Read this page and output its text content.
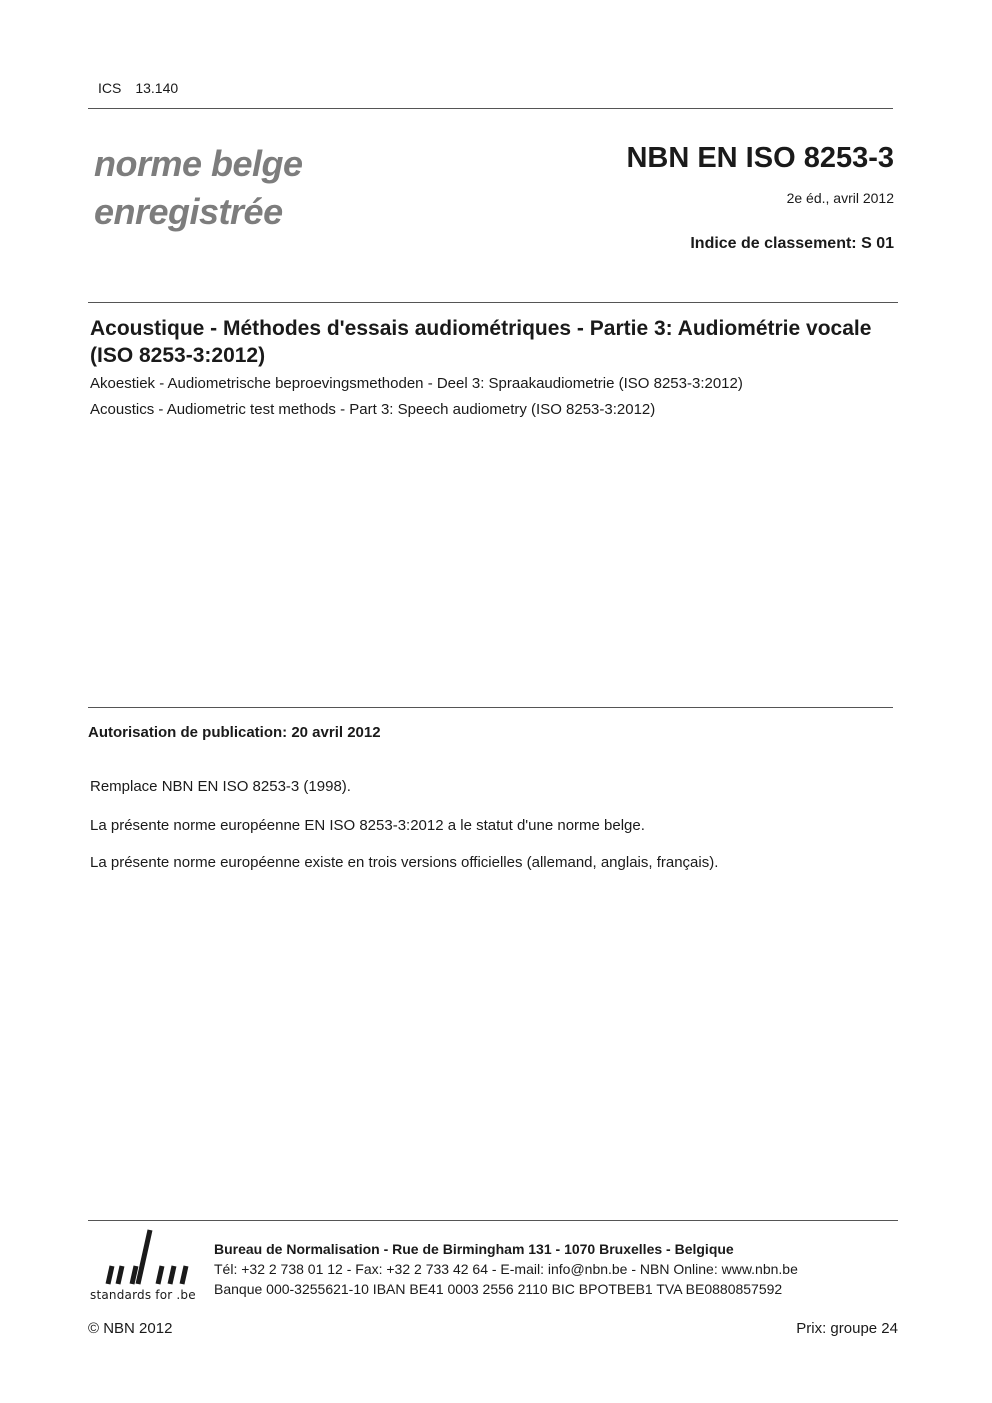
ICS 13.140
norme belge
enregistrée
NBN EN ISO 8253-3
2e éd., avril 2012
Indice de classement: S 01
Acoustique - Méthodes d'essais audiométriques - Partie 3: Audiométrie vocale (ISO 8253-3:2012)
Akoestiek - Audiometrische beproevingsmethoden - Deel 3: Spraakaudiometrie (ISO 8253-3:2012)
Acoustics - Audiometric test methods - Part 3: Speech audiometry (ISO 8253-3:2012)
Autorisation de publication: 20 avril 2012
Remplace NBN EN ISO 8253-3 (1998).
La présente norme européenne EN ISO 8253-3:2012 a le statut d'une norme belge.
La présente norme européenne existe en trois versions officielles (allemand, anglais, français).
standards for .be
Bureau de Normalisation - Rue de Birmingham 131 - 1070 Bruxelles - Belgique
Tél: +32 2 738 01 12 - Fax: +32 2 733 42 64 - E-mail: info@nbn.be - NBN Online: www.nbn.be
Banque 000-3255621-10 IBAN BE41 0003 2556 2110 BIC BPOTBEB1 TVA BE0880857592
© NBN 2012	Prix: groupe 24
